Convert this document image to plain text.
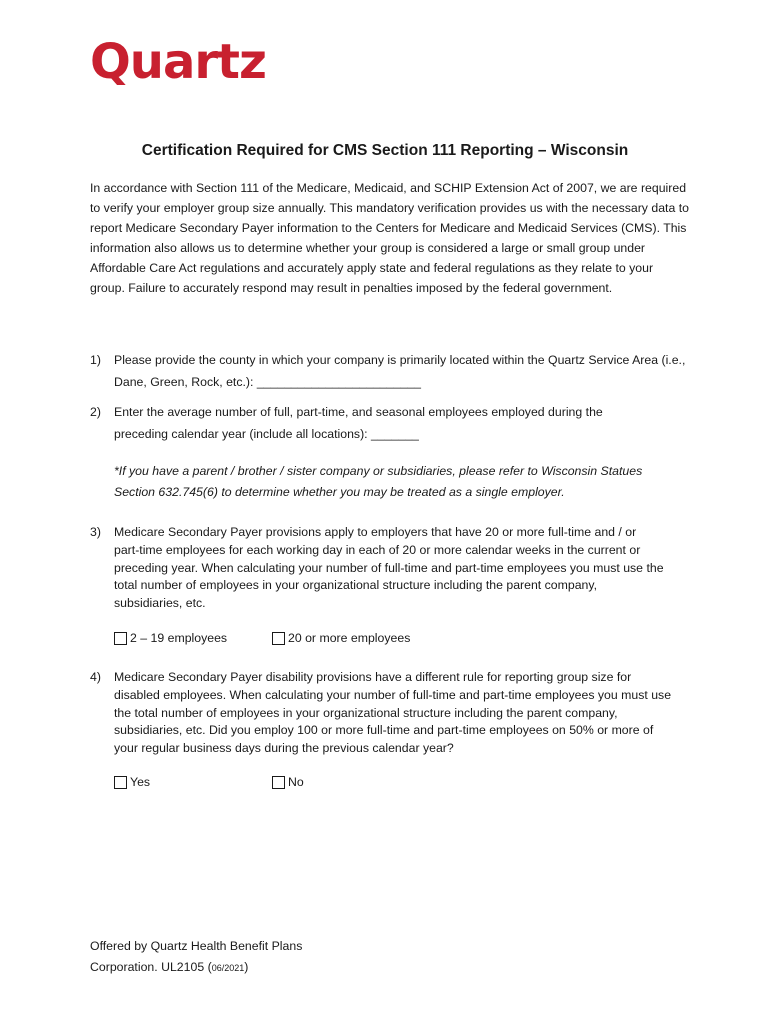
Quartz
Certification Required for CMS Section 111 Reporting – Wisconsin
In accordance with Section 111 of the Medicare, Medicaid, and SCHIP Extension Act of 2007, we are required to verify your employer group size annually. This mandatory verification provides us with the necessary data to report Medicare Secondary Payer information to the Centers for Medicare and Medicaid Services (CMS). This information also allows us to determine whether your group is considered a large or small group under Affordable Care Act regulations and accurately apply state and federal regulations as they relate to your group. Failure to accurately respond may result in penalties imposed by the federal government.
1) Please provide the county in which your company is primarily located within the Quartz Service Area (i.e., Dane, Green, Rock, etc.): ________________________
2) Enter the average number of full, part-time, and seasonal employees employed during the preceding calendar year (include all locations): _______
*If you have a parent / brother / sister company or subsidiaries, please refer to Wisconsin Statues Section 632.745(6) to determine whether you may be treated as a single employer.
3) Medicare Secondary Payer provisions apply to employers that have 20 or more full-time and / or part-time employees for each working day in each of 20 or more calendar weeks in the current or preceding year. When calculating your number of full-time and part-time employees you must use the total number of employees in your organizational structure including the parent company, subsidiaries, etc.
2 – 19 employees	20 or more employees
4) Medicare Secondary Payer disability provisions have a different rule for reporting group size for disabled employees. When calculating your number of full-time and part-time employees you must use the total number of employees in your organizational structure including the parent company, subsidiaries, etc. Did you employ 100 or more full-time and part-time employees on 50% or more of your regular business days during the previous calendar year?
Yes	No
Offered by Quartz Health Benefit Plans
Corporation. UL2105 (06/2021)
